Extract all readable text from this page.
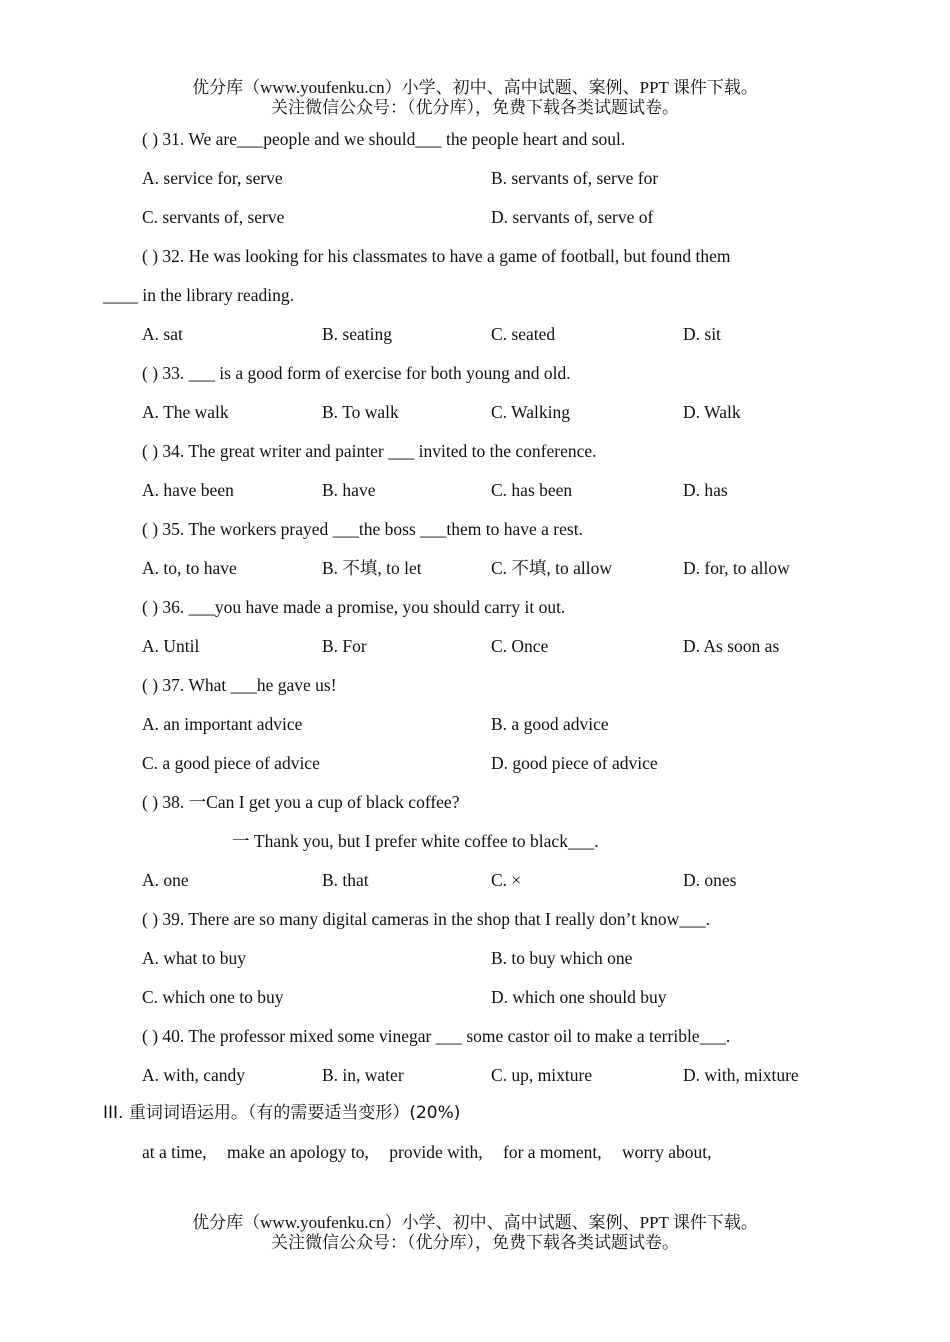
优分库（www.youfenku.cn）小学、初中、高中试题、案例、PPT 课件下载。
关注微信公众号：（优分库），免费下载各类试题试卷。
( ) 31. We are___people and we should___ the people heart and soul.
A. service for, serve	B. servants of, serve for
C. servants of, serve	D. servants of, serve of
( ) 32. He was looking for his classmates to have a game of football, but found them
____ in the library reading.
A. sat	B. seating	C. seated	D. sit
( ) 33. ___ is a good form of exercise for both young and old.
A. The walk	B. To walk	C. Walking	D. Walk
( ) 34. The great writer and painter ___ invited to the conference.
A. have been	B. have	C. has been	D. has
( ) 35. The workers prayed ___the boss ___them to have a rest.
A. to, to have	B. 不填, to let	C. 不填, to allow	D. for, to allow
( ) 36. ___you have made a promise, you should carry it out.
A. Until	B. For	C. Once	D. As soon as
( ) 37. What ___he gave us!
A. an important advice	B. a good advice
C. a good piece of advice	D. good piece of advice
( ) 38. 一Can I get you a cup of black coffee?
一 Thank you, but I prefer white coffee to black___.
A. one	B. that	C. ×	D. ones
( ) 39. There are so many digital cameras in the shop that I really don’t know___.
A. what to buy	B. to buy which one
C. which one to buy	D. which one should buy
( ) 40. The professor mixed some vinegar ___ some castor oil to make a terrible___.
A. with, candy	B. in, water	C. up, mixture	D. with, mixture
III. 重词词语运用。（有的需要适当变形）(20%)
at a time, make an apology to, provide with, for a moment, worry about,
优分库（www.youfenku.cn）小学、初中、高中试题、案例、PPT 课件下载。
关注微信公众号：（优分库），免费下载各类试题试卷。
